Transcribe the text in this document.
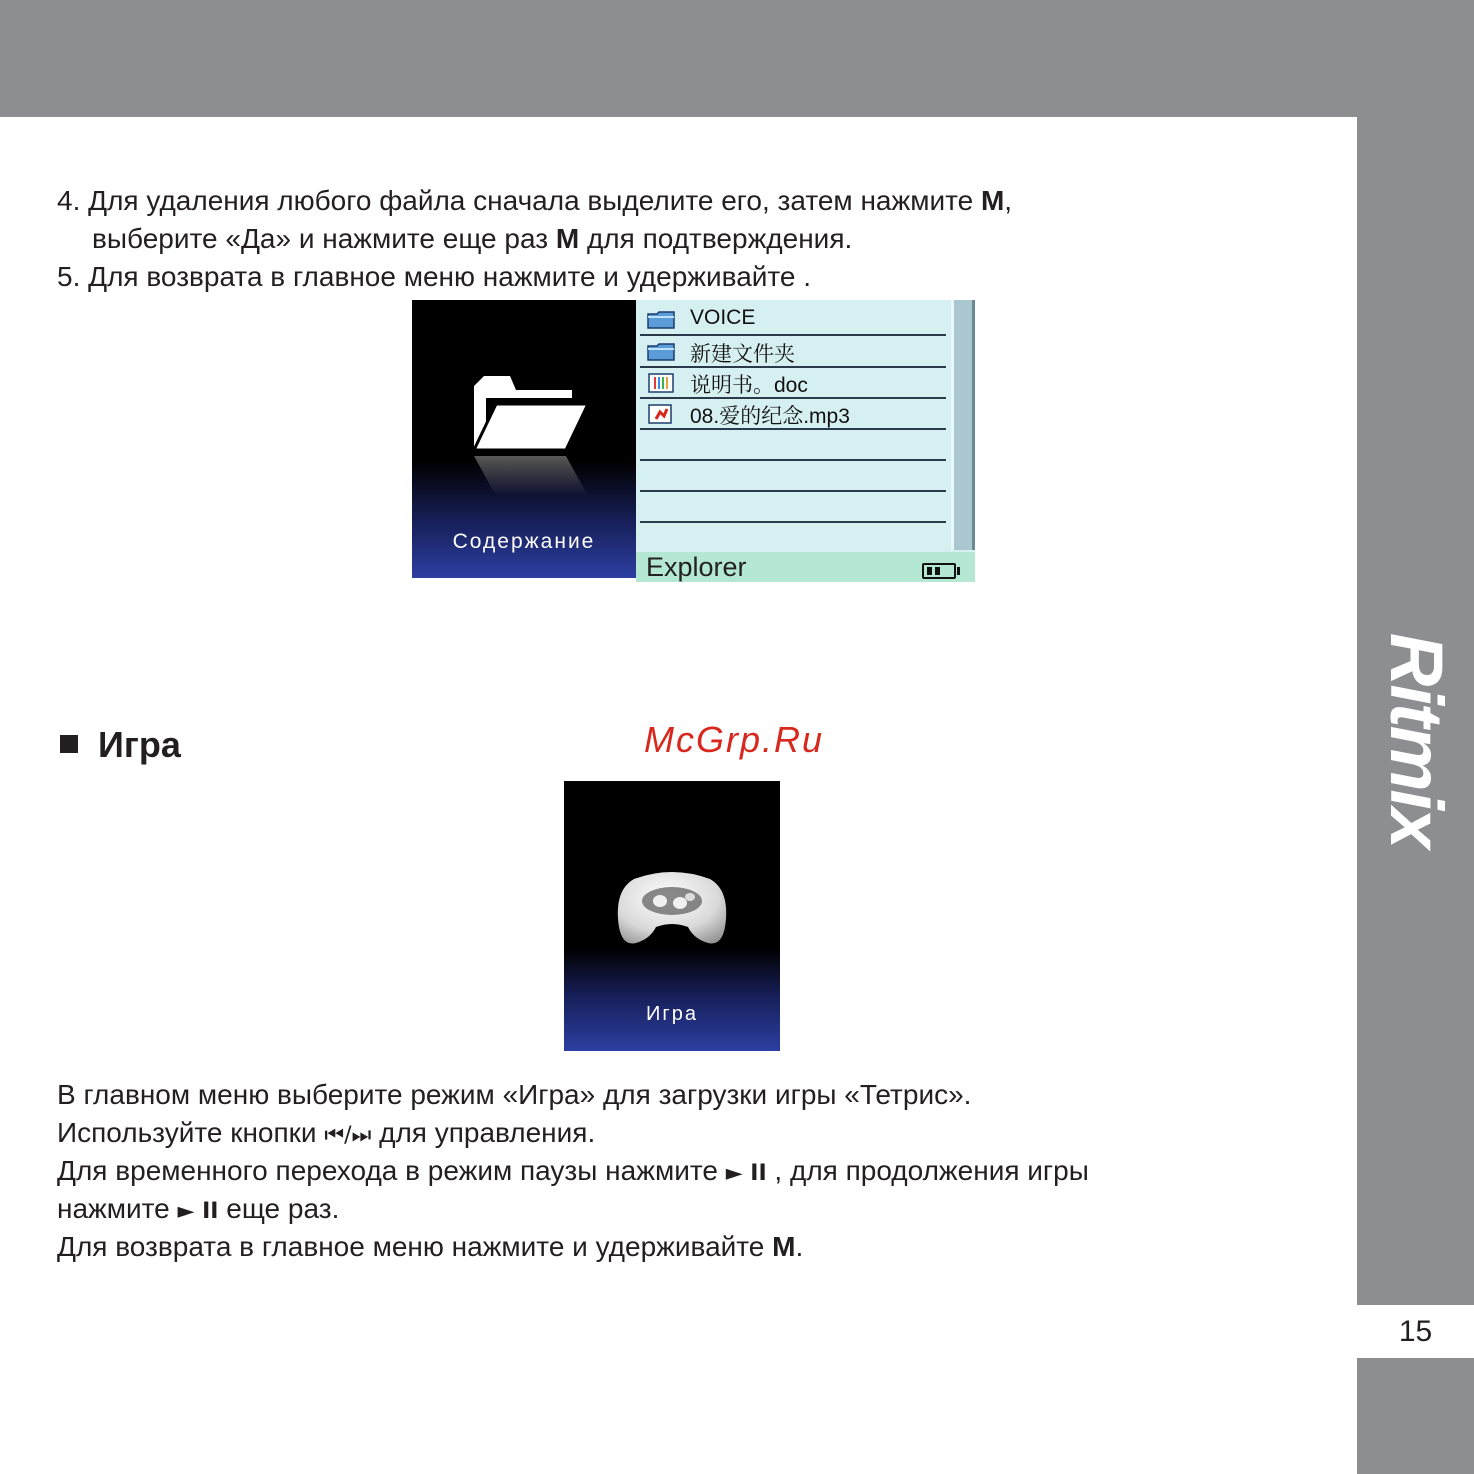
Ritmix
15
4. Для удаления любого файла сначала выделите его, затем нажмите M,
выберите «Да» и нажмите еще раз M для подтверждения.
5. Для возврата в главное меню нажмите и удерживайте .
Содержание
VOICE
新建文件夹
说明书。doc
08.爱的纪念.mp3
Explorer
Игра	McGrp.Ru
Игра
В главном меню выберите режим «Игра» для загрузки игры «Тетрис».
Используйте кнопки ⏮/⏭ для управления.
Для временного перехода в режим паузы нажмите ► II , для продолжения игры
нажмите ► II еще раз.
Для возврата в главное меню нажмите и удерживайте M.
